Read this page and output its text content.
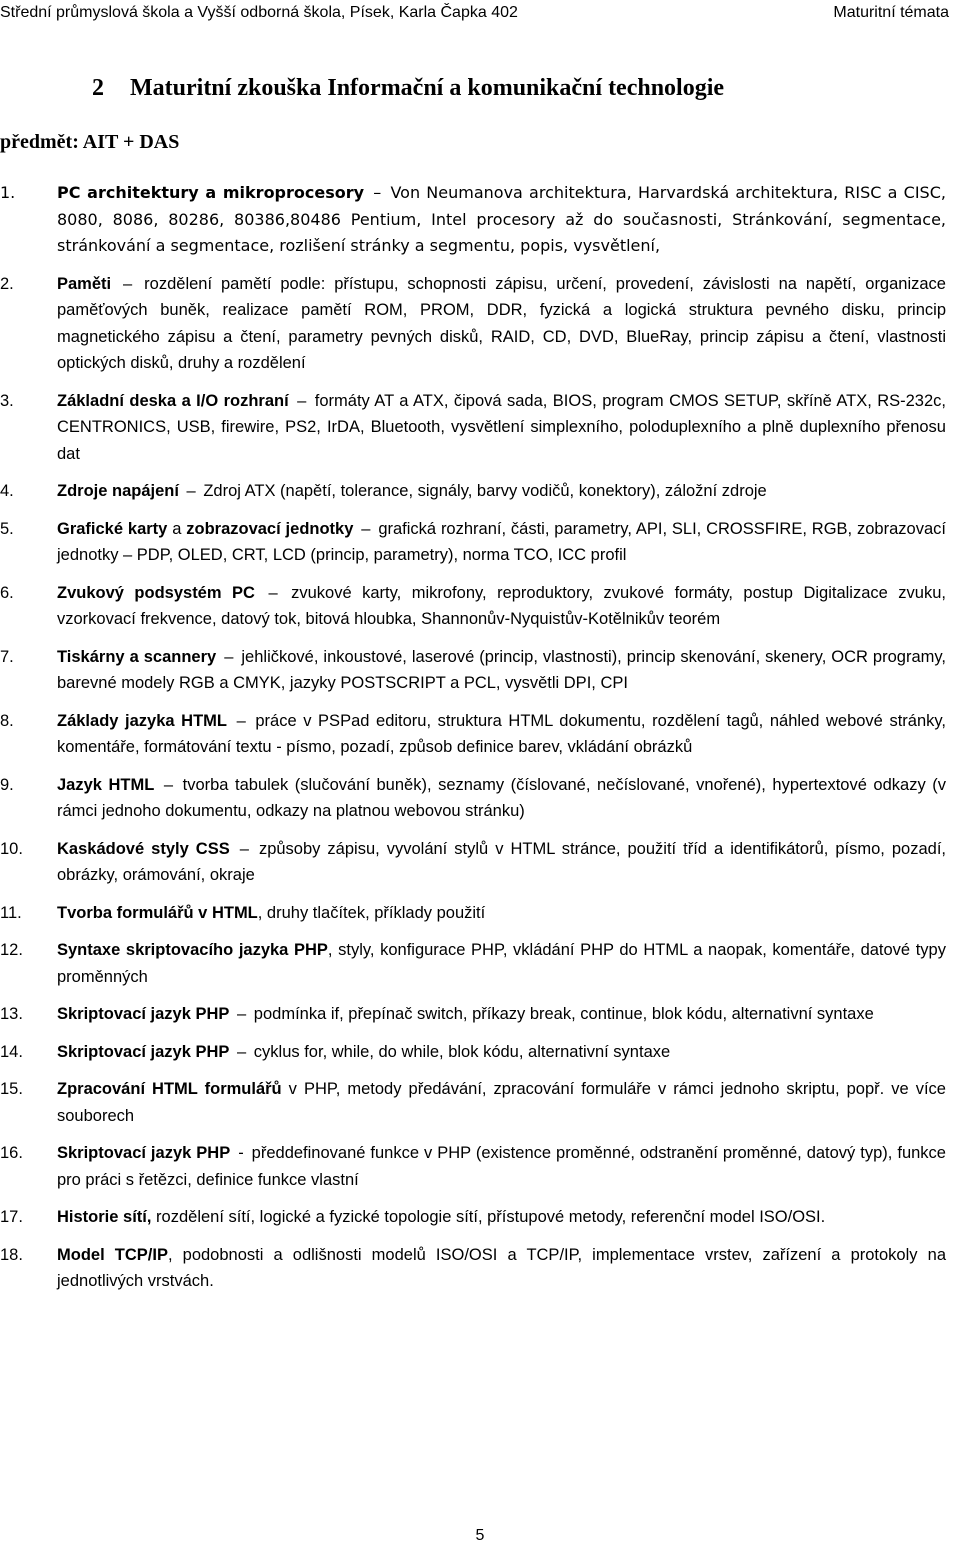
Střední průmyslová škola a Vyšší odborná škola, Písek, Karla Čapka 402	Maturitní témata
2 Maturitní zkouška Informační a komunikační technologie
předmět: AIT + DAS
1.	PC architektury a mikroprocesory – Von Neumanova architektura, Harvardská architektura, RISC a CISC, 8080, 8086, 80286, 80386,80486 Pentium, Intel procesory až do současnosti, Stránkování, segmentace, stránkování a segmentace, rozlišení stránky a segmentu, popis, vysvětlení,
2.	Paměti – rozdělení pamětí podle: přístupu, schopnosti zápisu, určení, provedení, závislosti na napětí, organizace paměťových buněk, realizace pamětí ROM, PROM, DDR, fyzická a logická struktura pevného disku, princip magnetického zápisu a čtení, parametry pevných disků, RAID, CD, DVD, BlueRay, princip zápisu a čtení, vlastnosti optických disků, druhy a rozdělení
3.	Základní deska a I/O rozhraní – formáty AT a ATX, čipová sada, BIOS, program CMOS SETUP, skříně ATX, RS-232c, CENTRONICS, USB, firewire, PS2, IrDA, Bluetooth, vysvětlení simplexního, poloduplexního a plně duplexního přenosu dat
4.	Zdroje napájení – Zdroj ATX (napětí, tolerance, signály, barvy vodičů, konektory), záložní zdroje
5.	Grafické karty a zobrazovací jednotky – grafická rozhraní, části, parametry, API, SLI, CROSSFIRE, RGB, zobrazovací jednotky – PDP, OLED, CRT, LCD (princip, parametry), norma TCO, ICC profil
6.	Zvukový podsystém PC – zvukové karty, mikrofony, reproduktory, zvukové formáty, postup Digitalizace zvuku, vzorkovací frekvence, datový tok, bitová hloubka, Shannonův-Nyquistův-Kotělnikův teorém
7.	Tiskárny a scannery – jehličkové, inkoustové, laserové (princip, vlastnosti), princip skenování, skenery, OCR programy, barevné modely RGB a CMYK, jazyky POSTSCRIPT a PCL, vysvětli DPI, CPI
8.	Základy jazyka HTML – práce v PSPad editoru, struktura HTML dokumentu, rozdělení tagů, náhled webové stránky, komentáře, formátování textu - písmo, pozadí, způsob definice barev, vkládání obrázků
9.	Jazyk HTML – tvorba tabulek (slučování buněk), seznamy (číslované, nečíslované, vnořené), hypertextové odkazy (v rámci jednoho dokumentu, odkazy na platnou webovou stránku)
10. Kaskádové styly CSS – způsoby zápisu, vyvolání stylů v HTML stránce, použití tříd a identifikátorů, písmo, pozadí, obrázky, orámování, okraje
11. Tvorba formulářů v HTML, druhy tlačítek, příklady použití
12. Syntaxe skriptovacího jazyka PHP, styly, konfigurace PHP, vkládání PHP do HTML a naopak, komentáře, datové typy proměnných
13. Skriptovací jazyk PHP – podmínka if, přepínač switch, příkazy break, continue, blok kódu, alternativní syntaxe
14. Skriptovací jazyk PHP – cyklus for, while, do while, blok kódu, alternativní syntaxe
15. Zpracování HTML formulářů v PHP, metody předávání, zpracování formuláře v rámci jednoho skriptu, popř. ve více souborech
16. Skriptovací jazyk PHP - předdefinované funkce v PHP (existence proměnné, odstranění proměnné, datový typ), funkce pro práci s řetězci, definice funkce vlastní
17. Historie sítí, rozdělení sítí, logické a fyzické topologie sítí, přístupové metody, referenční model ISO/OSI.
18. Model TCP/IP, podobnosti a odlišnosti modelů ISO/OSI a TCP/IP, implementace vrstev, zařízení a protokoly na jednotlivých vrstvách.
5
